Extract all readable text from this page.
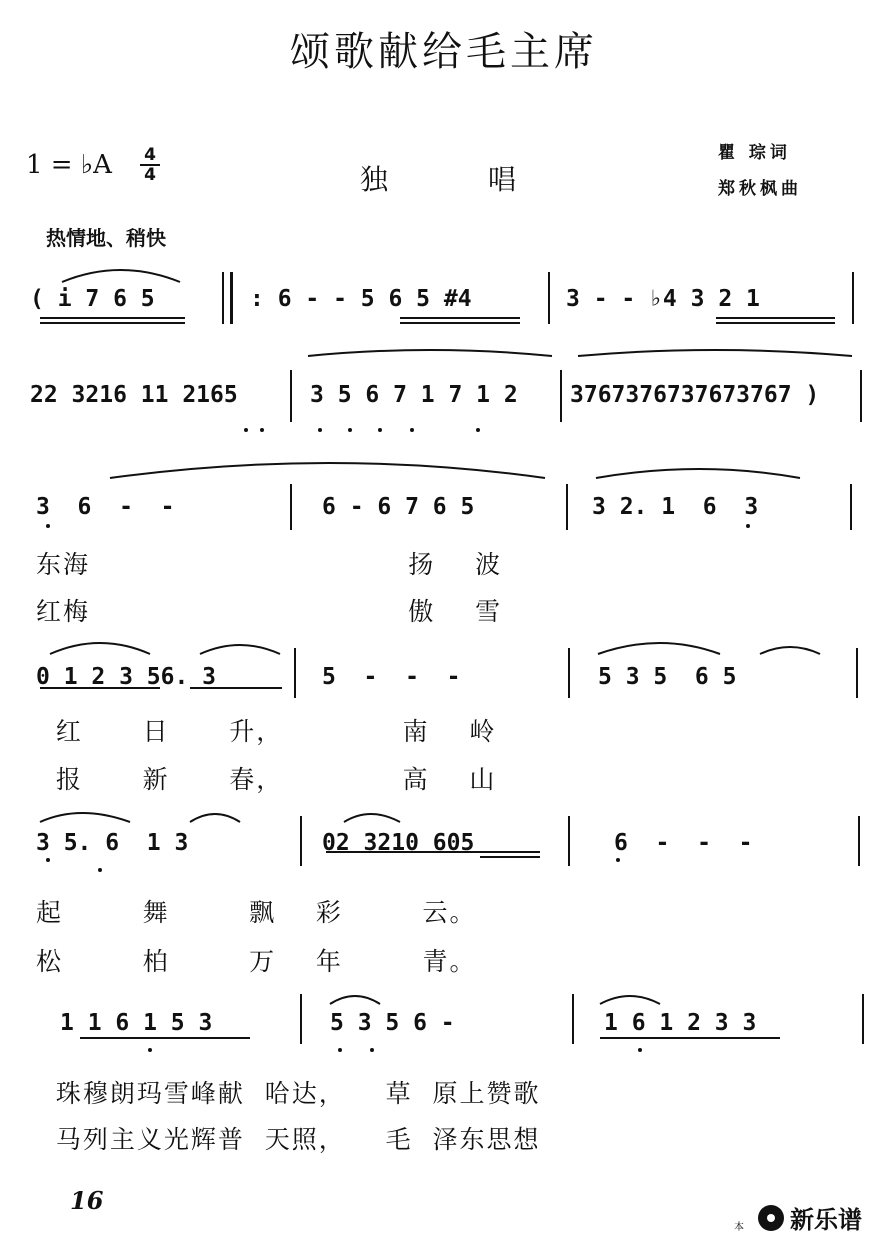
颂歌献给毛主席
1 = ♭A 4
4	独唱
瞿 琮词
郑秋枫曲
热情地、稍快
( i 7 6 5	: 6 - - 5 6 5 #4	3 - - ♭4 3 2 1
22 3216 11 2165	3 5 6 7 1 7 1 2 3767376737673767 )
3  6  -  -	6 - 6 7 6 5	3 2. 1  6  3
东海                                扬    波
红梅                                傲    雪
0 1 2 3 56. 3	5  -  -  -	5 3 5  6 5
红      日      升，            南    岭
报      新      春，            高    山
3 5. 6  1 3	02 3210 605	6  -  -  -
起        舞        飘    彩        云。
松        柏        万    年        青。
1 1 6 1 5 3	5 3 5 6 -	1 6 1 2 3 3
珠穆朗玛雪峰献  哈达，    草  原上赞歌
马列主义光辉普  天照，    毛  泽东思想
16
本 新乐谱
